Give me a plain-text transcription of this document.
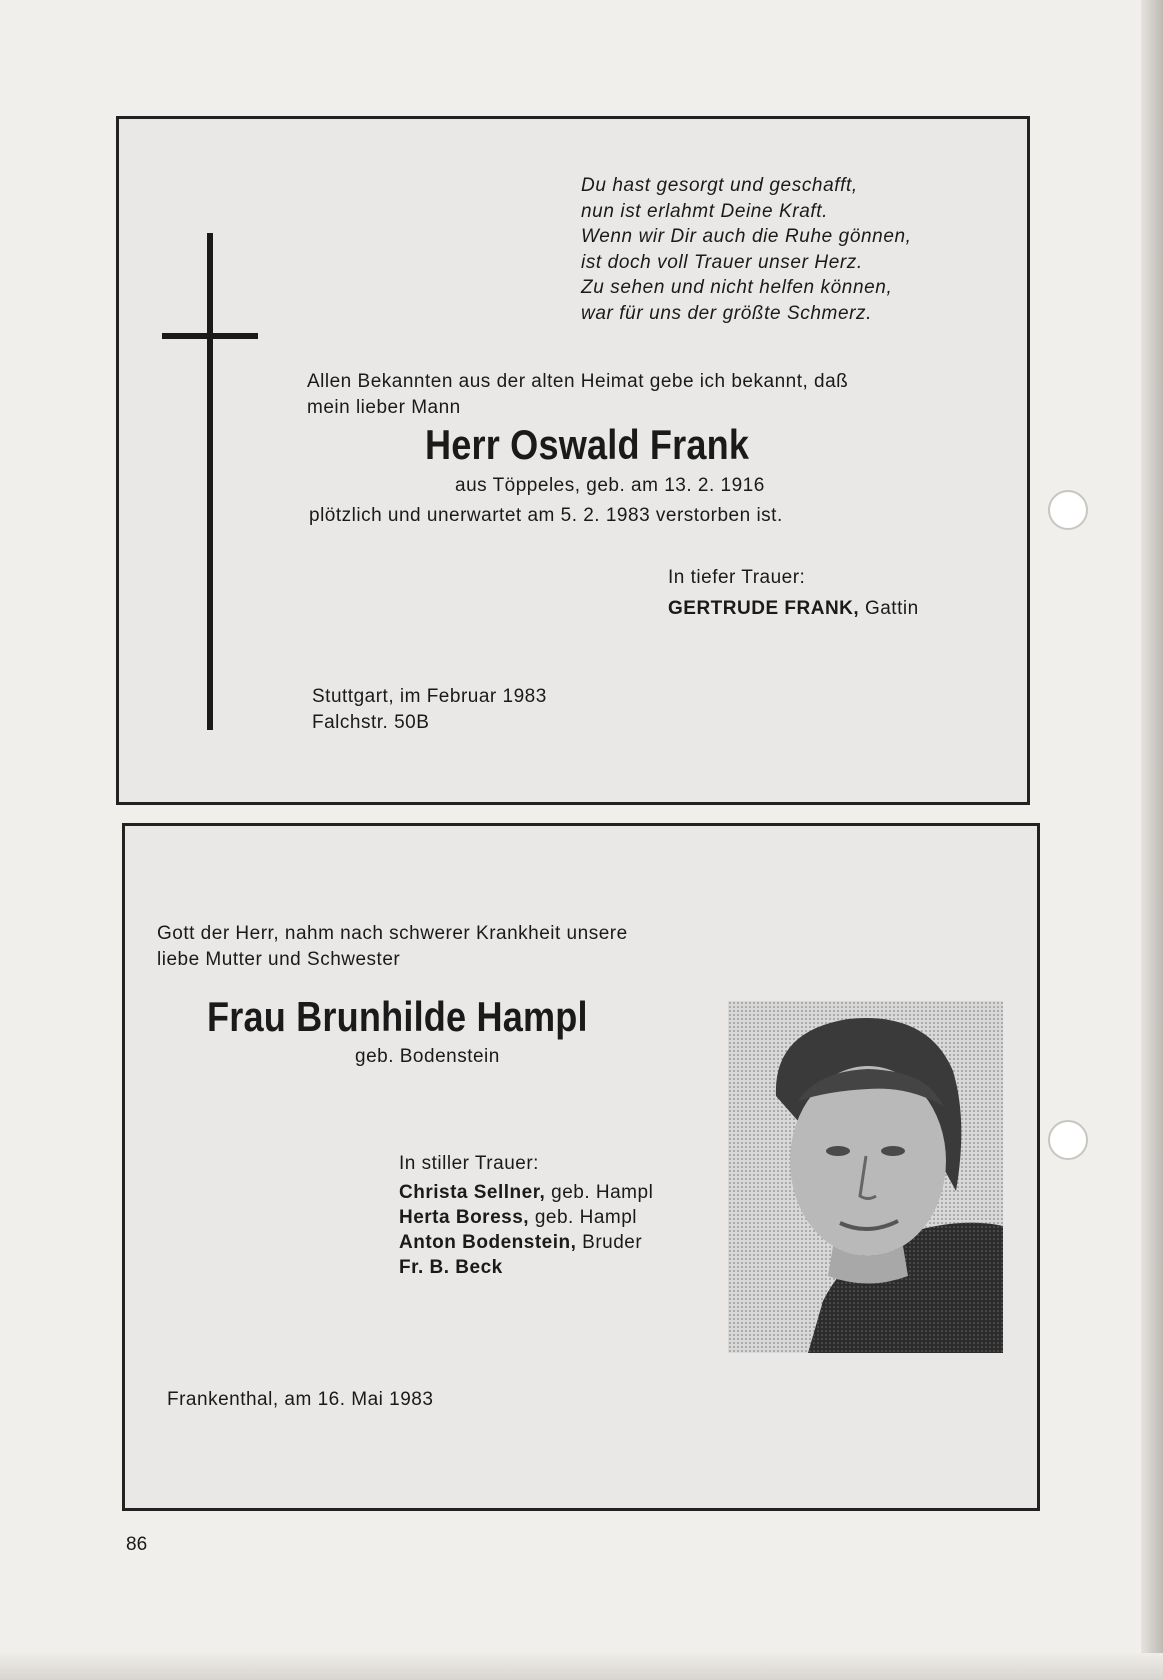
Du hast gesorgt und geschafft,
nun ist erlahmt Deine Kraft.
Wenn wir Dir auch die Ruhe gönnen,
ist doch voll Trauer unser Herz.
Zu sehen und nicht helfen können,
war für uns der größte Schmerz.
Allen Bekannten aus der alten Heimat gebe ich bekannt, daß
mein lieber Mann
Herr Oswald Frank
aus Töppeles, geb. am 13. 2. 1916
plötzlich und unerwartet am 5. 2. 1983 verstorben ist.
In tiefer Trauer:
GERTRUDE FRANK, Gattin
Stuttgart, im Februar 1983
Falchstr. 50B
Gott der Herr, nahm nach schwerer Krankheit unsere
liebe Mutter und Schwester
Frau Brunhilde Hampl
geb. Bodenstein
In stiller Trauer:
Christa Sellner, geb. Hampl
Herta Boress, geb. Hampl
Anton Bodenstein, Bruder
Fr. B. Beck
Frankenthal, am 16. Mai 1983
86
